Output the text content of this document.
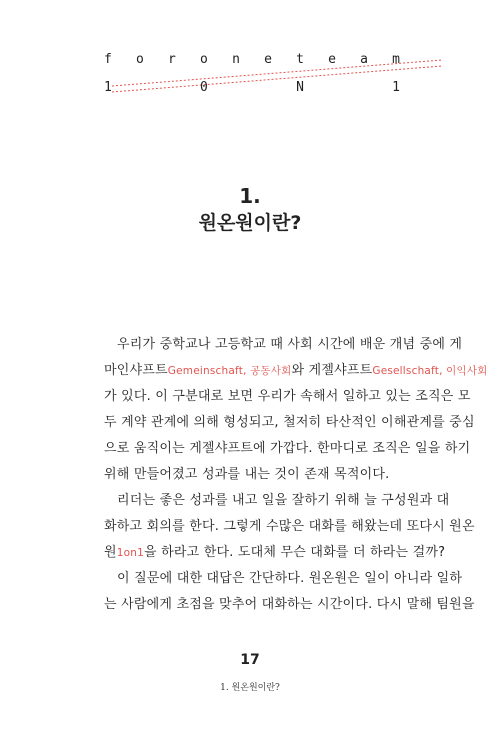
f o r o n e t e a m
1	0	N	1
1.
원온원이란?

우리가 중학교나 고등학교 때 사회 시간에 배운 개념 중에 게
마인샤프트Gemeinschaft, 공동사회와 게젤샤프트Gesellschaft, 이익사회
가 있다. 이 구분대로 보면 우리가 속해서 일하고 있는 조직은 모
두 계약 관계에 의해 형성되고, 철저히 타산적인 이해관계를 중심
으로 움직이는 게젤샤프트에 가깝다. 한마디로 조직은 일을 하기
위해 만들어졌고 성과를 내는 것이 존재 목적이다.

리더는 좋은 성과를 내고 일을 잘하기 위해 늘 구성원과 대
화하고 회의를 한다. 그렇게 수많은 대화를 해왔는데 또다시 원온
원1on1을 하라고 한다. 도대체 무슨 대화를 더 하라는 걸까?

이 질문에 대한 대답은 간단하다. 원온원은 일이 아니라 일하
는 사람에게 초점을 맞추어 대화하는 시간이다. 다시 말해 팀원을

17
1. 원온원이란?
